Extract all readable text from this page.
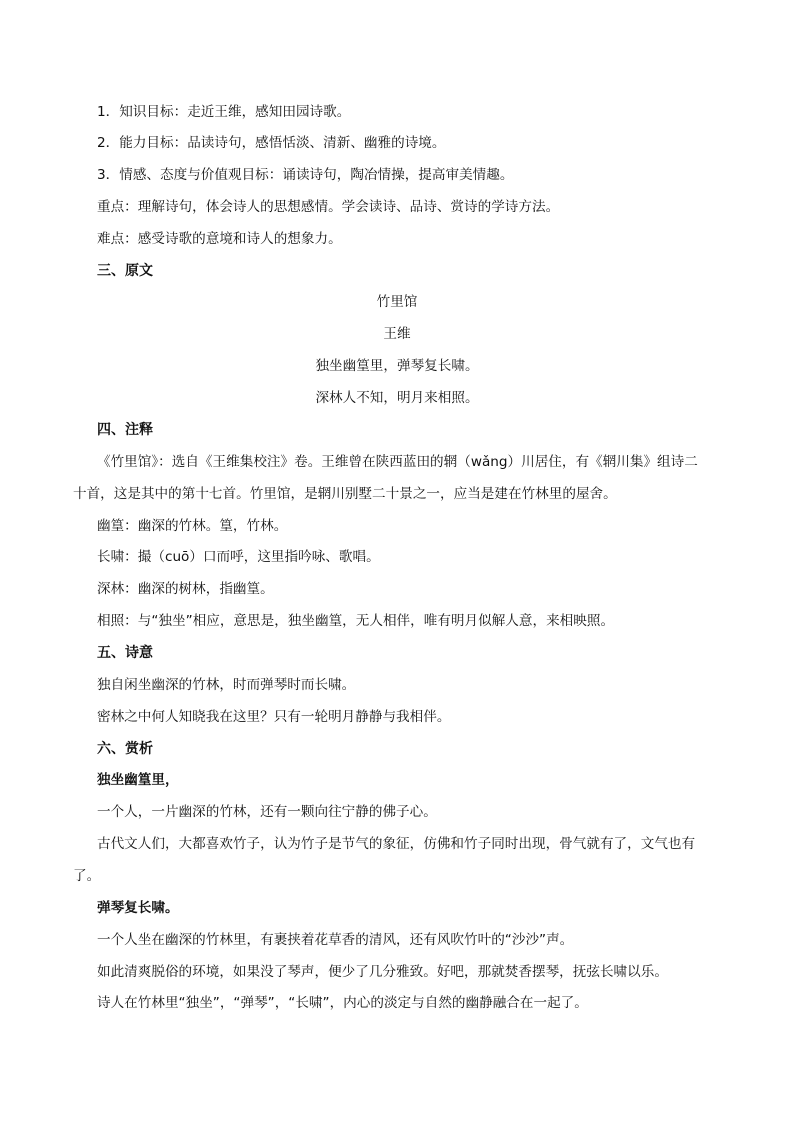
1．知识目标：走近王维，感知田园诗歌。
2．能力目标：品读诗句，感悟恬淡、清新、幽雅的诗境。
3．情感、态度与价值观目标：诵读诗句，陶冶情操，提高审美情趣。
重点：理解诗句，体会诗人的思想感情。学会读诗、品诗、赏诗的学诗方法。
难点：感受诗歌的意境和诗人的想象力。
三、原文
竹里馆
王维
独坐幽篁里，弹琴复长啸。
深林人不知，明月来相照。
四、注释
《竹里馆》：选自《王维集校注》卷。王维曾在陕西蓝田的辋（wǎng）川居住，有《辋川集》组诗二
十首，这是其中的第十七首。竹里馆，是辋川别墅二十景之一，应当是建在竹林里的屋舍。
幽篁：幽深的竹林。篁，竹林。
长啸：撮（cuō）口而呼，这里指吟咏、歌唱。
深林：幽深的树林，指幽篁。
相照：与“独坐”相应，意思是，独坐幽篁，无人相伴，唯有明月似解人意，来相映照。
五、诗意
独自闲坐幽深的竹林，时而弹琴时而长啸。
密林之中何人知晓我在这里？只有一轮明月静静与我相伴。
六、赏析
独坐幽篁里，
一个人，一片幽深的竹林，还有一颗向往宁静的佛子心。
古代文人们，大都喜欢竹子，认为竹子是节气的象征，仿佛和竹子同时出现，骨气就有了，文气也有
了。
弹琴复长啸。
一个人坐在幽深的竹林里，有裹挟着花草香的清风，还有风吹竹叶的“沙沙”声。
如此清爽脱俗的环境，如果没了琴声，便少了几分雅致。好吧，那就焚香摆琴，抚弦长啸以乐。
诗人在竹林里“独坐”，“弹琴”，“长啸”，内心的淡定与自然的幽静融合在一起了。
